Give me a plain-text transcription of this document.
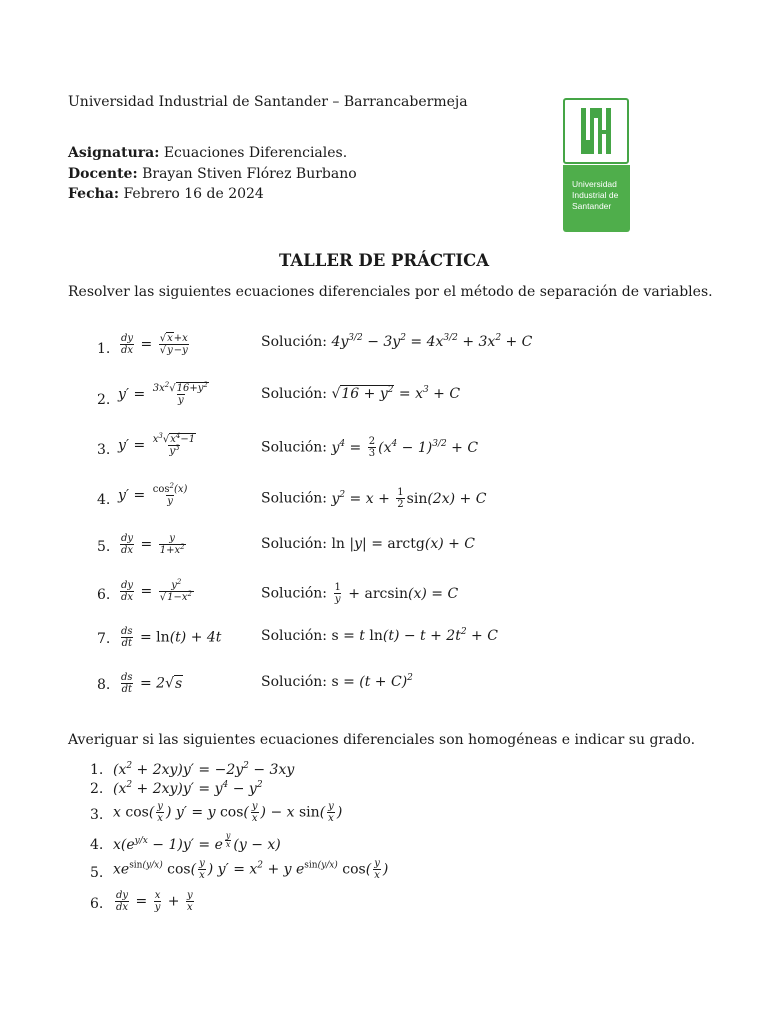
Universidad Industrial de Santander – Barrancabermeja
Asignatura: Ecuaciones Diferenciales.
Docente: Brayan Stiven Flórez Burbano
Fecha: Febrero 16 de 2024
Universidad
Industrial de
Santander
TALLER DE PRÁCTICA
Resolver las siguientes ecuaciones diferenciales por el método de separación de variables.
1. $\frac{dy}{dx} = \frac{√x+x}{√y-y}$	Solución: $4y^{3/2} - 3y^2 = 4x^{3/2} + 3x^2 + C$
2. $y' = \frac{3x^2√16+y^2}{y}$	Solución: $√16 + y^2 = x^3 + C$
3. $y' = \frac{x^3√x^4-1}{y^3}$	Solución: $y^4 = \frac{2}{3} (x^4 - 1)^{3/2} + C$
4. $y' = \frac{\cos^2(x)}{y}$	Solución: $y^2 = x + \frac{1}{2} \sin(2x) + C$
5. $\frac{dy}{dx} = \frac{y}{1+x^2}$	Solución: ln |y| = arctg(x) + C
6. $\frac{dy}{dx} = \frac{y^2}{√1-x^2}$	Solución: $\frac{1}{y} + \arcsin(x) = C$
7. $\frac{ds}{dt} = \ln(t) + 4t$	Solución: s = t $\ln(t) - t + 2t^2 + C$
8. $\frac{ds}{dt} = 2√s$	Solución: $s = (t + C)^2$
Averiguar si las siguientes ecuaciones diferenciales son homogéneas e indicar su grado.
1. $(x^2 + 2xy)y' = -2y^2 - 3xy$
2. $(x^2 + 2xy)y' = y^4 - y^2$
3. x $\cos( \frac{y}{x}$ ) y′ = y $\cos( \frac{y}{x}$ ) − x $\sin( \frac{y}{x}$ )
4. $x(e^{y/x} - 1)y' = e$ $^{\frac{y}{x}}$ (y − x)
5. $xe^{sin(y/x)}$ $\cos( \frac{y}{x}$ ) $y' = x^2 + y$ $e^{sin(y/x)}$ $\cos( \frac{y}{x}$ )
6. $\frac{dy}{dx} = \frac{x}{y} + \frac{y}{x}$
